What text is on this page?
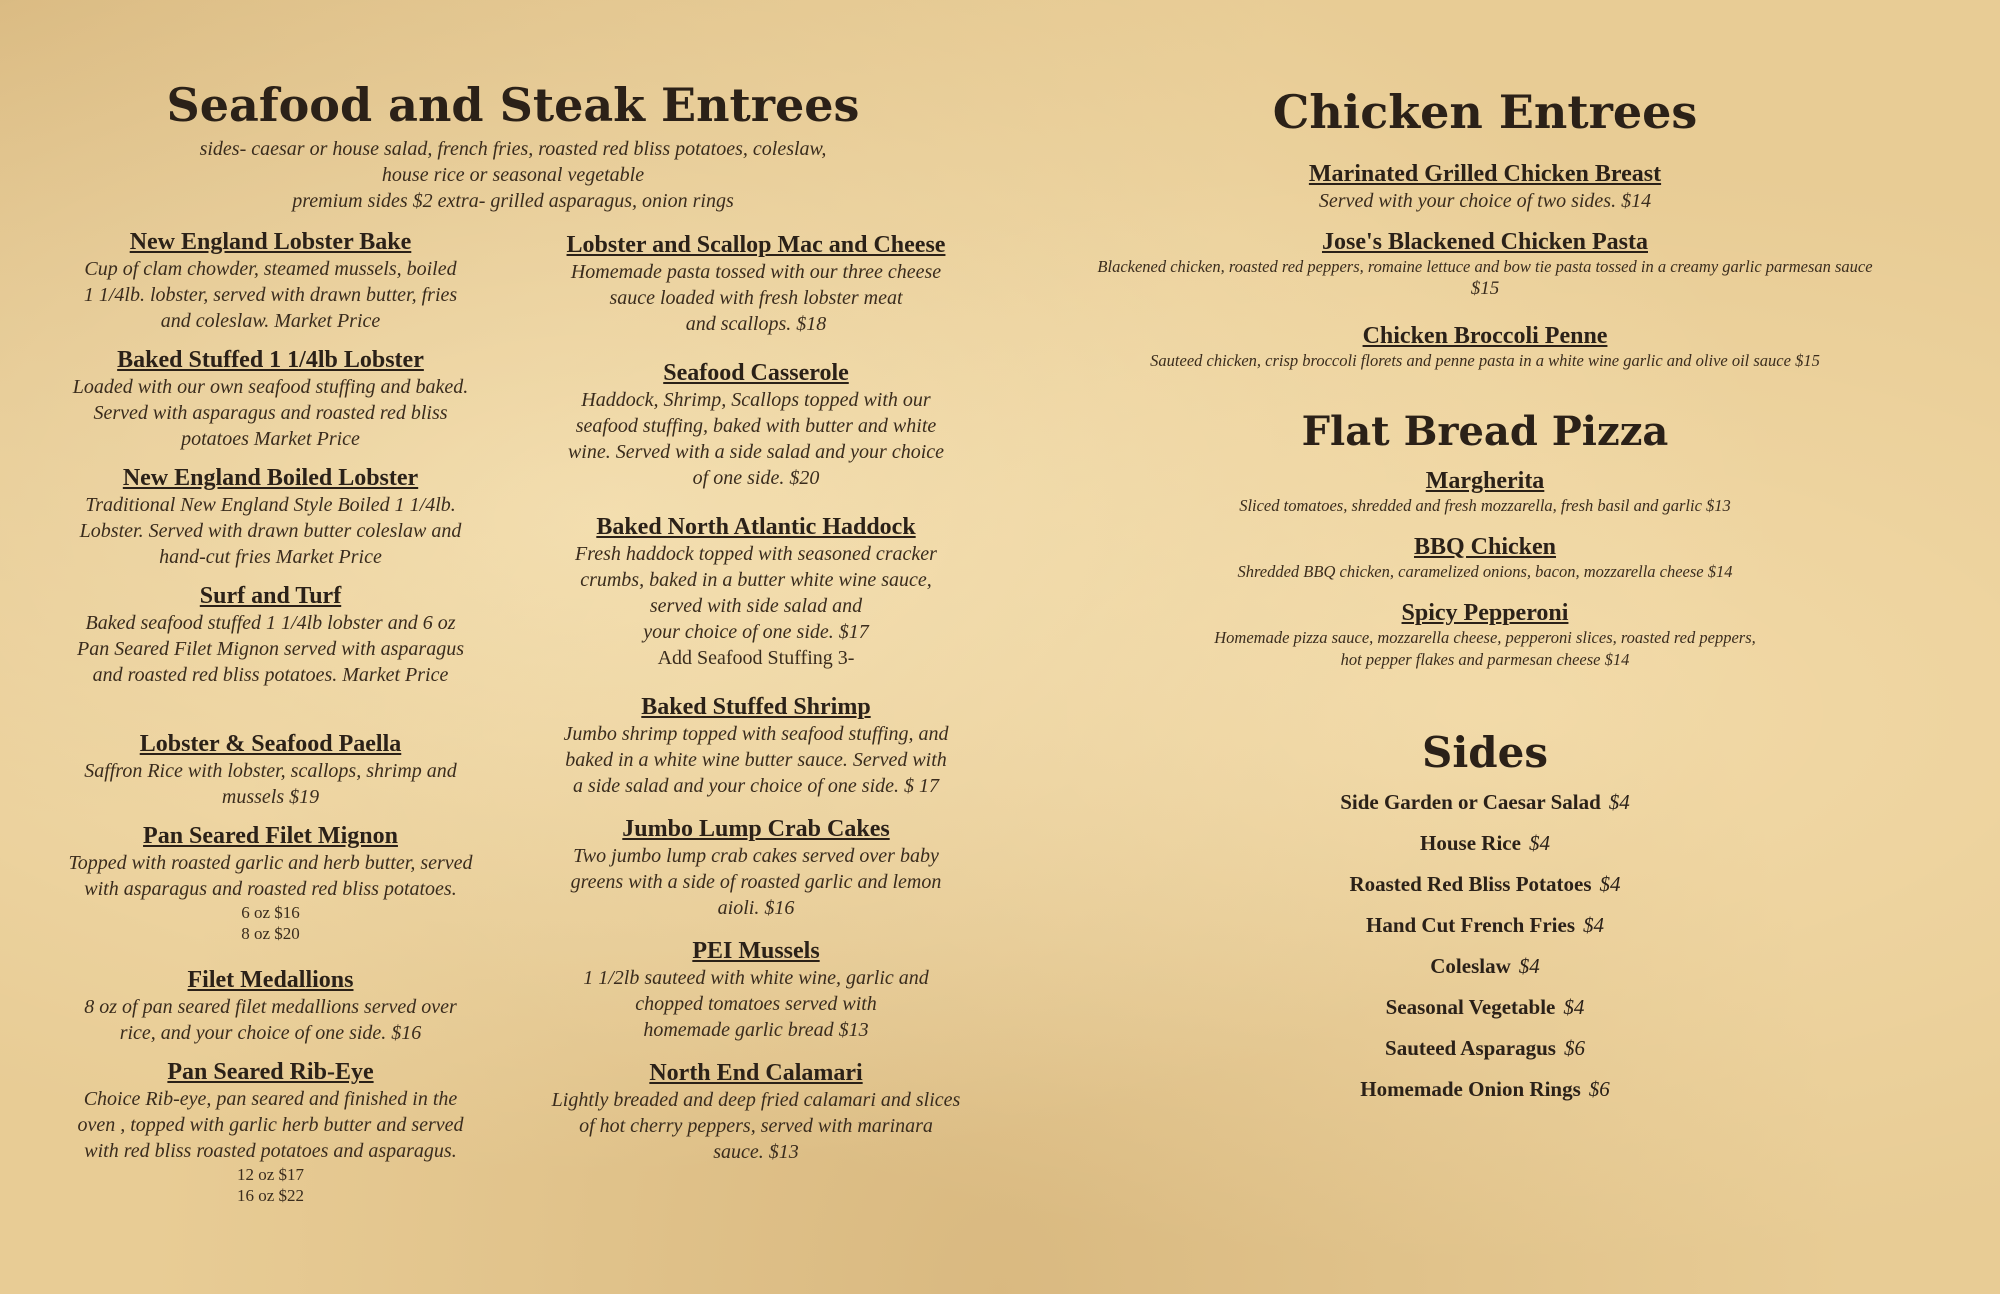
Seafood and Steak Entrees
sides- caesar or house salad, french fries, roasted red bliss potatoes, coleslaw,
house rice or seasonal vegetable
premium sides $2 extra- grilled asparagus, onion rings
New England Lobster Bake
Cup of clam chowder, steamed mussels, boiled
1 1/4lb. lobster, served with drawn butter, fries
and coleslaw. Market Price
Baked Stuffed 1 1/4lb Lobster
Loaded with our own seafood stuffing and baked.
Served with asparagus and roasted red bliss
potatoes Market Price
New England Boiled Lobster
Traditional New England Style Boiled 1 1/4lb.
Lobster. Served with drawn butter coleslaw and
hand-cut fries Market Price
Surf and Turf
Baked seafood stuffed 1 1/4lb lobster and 6 oz
Pan Seared Filet Mignon served with asparagus
and roasted red bliss potatoes. Market Price
Lobster & Seafood Paella
Saffron Rice with lobster, scallops, shrimp and
mussels $19
Pan Seared Filet Mignon
Topped with roasted garlic and herb butter, served
with asparagus and roasted red bliss potatoes.
6 oz $16
8 oz $20
Filet Medallions
8 oz of pan seared filet medallions served over
rice, and your choice of one side. $16
Pan Seared Rib-Eye
Choice Rib-eye, pan seared and finished in the
oven , topped with garlic herb butter and served
with red bliss roasted potatoes and asparagus.
12 oz $17
16 oz $22
Lobster and Scallop Mac and Cheese
Homemade pasta tossed with our three cheese
sauce loaded with fresh lobster meat
and scallops. $18
Seafood Casserole
Haddock, Shrimp, Scallops topped with our
seafood stuffing, baked with butter and white
wine. Served with a side salad and your choice
of one side. $20
Baked North Atlantic Haddock
Fresh haddock topped with seasoned cracker
crumbs, baked in a butter white wine sauce,
served with side salad and
your choice of one side. $17
Add Seafood Stuffing 3-
Baked Stuffed Shrimp
Jumbo shrimp topped with seafood stuffing, and
baked in a white wine butter sauce. Served with
a side salad and your choice of one side. $ 17
Jumbo Lump Crab Cakes
Two jumbo lump crab cakes served over baby
greens with a side of roasted garlic and lemon
aioli. $16
PEI Mussels
1 1/2lb sauteed with white wine, garlic and
chopped tomatoes served with
homemade garlic bread $13
North End Calamari
Lightly breaded and deep fried calamari and slices
of hot cherry peppers, served with marinara
sauce. $13
Chicken Entrees
Marinated Grilled Chicken Breast
Served with your choice of two sides. $14
Jose's Blackened Chicken Pasta
Blackened chicken, roasted red peppers, romaine lettuce and bow tie pasta tossed in a creamy garlic parmesan sauce
$15
Chicken Broccoli Penne
Sauteed chicken, crisp broccoli florets and penne pasta in a white wine garlic and olive oil sauce $15
Flat Bread Pizza
Margherita
Sliced tomatoes, shredded and fresh mozzarella, fresh basil and garlic $13
BBQ Chicken
Shredded BBQ chicken, caramelized onions, bacon, mozzarella cheese $14
Spicy Pepperoni
Homemade pizza sauce, mozzarella cheese, pepperoni slices, roasted red peppers,
hot pepper flakes and parmesan cheese $14
Sides
Side Garden or Caesar Salad $4
House Rice $4
Roasted Red Bliss Potatoes $4
Hand Cut French Fries $4
Coleslaw $4
Seasonal Vegetable $4
Sauteed Asparagus $6
Homemade Onion Rings $6
